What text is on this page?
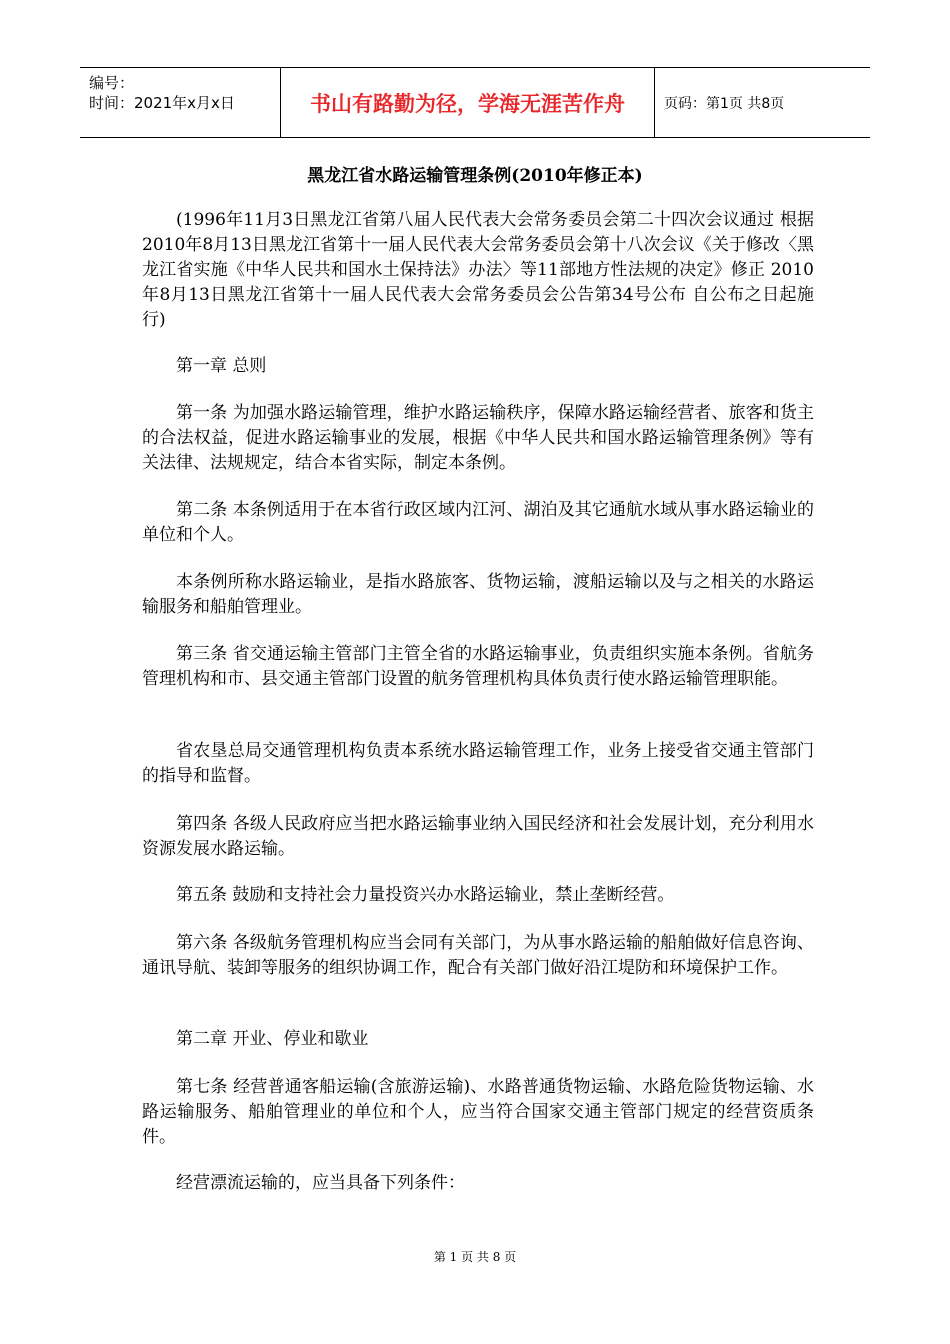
编号：
时间：2021年x月x日	书山有路勤为径，学海无涯苦作舟	页码：第1页 共8页
黑龙江省水路运输管理条例(2010年修正本)
(1996年11月3日黑龙江省第八届人民代表大会常务委员会第二十四次会议通过 根据2010年8月13日黑龙江省第十一届人民代表大会常务委员会第十八次会议《关于修改〈黑龙江省实施《中华人民共和国水土保持法》办法〉等11部地方性法规的决定》修正 2010年8月13日黑龙江省第十一届人民代表大会常务委员会公告第34号公布 自公布之日起施行)
第一章 总则
第一条 为加强水路运输管理，维护水路运输秩序，保障水路运输经营者、旅客和货主的合法权益，促进水路运输事业的发展，根据《中华人民共和国水路运输管理条例》等有关法律、法规规定，结合本省实际，制定本条例。
第二条 本条例适用于在本省行政区域内江河、湖泊及其它通航水域从事水路运输业的单位和个人。
本条例所称水路运输业，是指水路旅客、货物运输，渡船运输以及与之相关的水路运输服务和船舶管理业。
第三条 省交通运输主管部门主管全省的水路运输事业，负责组织实施本条例。省航务管理机构和市、县交通主管部门设置的航务管理机构具体负责行使水路运输管理职能。
省农垦总局交通管理机构负责本系统水路运输管理工作，业务上接受省交通主管部门的指导和监督。
第四条 各级人民政府应当把水路运输事业纳入国民经济和社会发展计划，充分利用水资源发展水路运输。
第五条 鼓励和支持社会力量投资兴办水路运输业，禁止垄断经营。
第六条 各级航务管理机构应当会同有关部门，为从事水路运输的船舶做好信息咨询、通讯导航、装卸等服务的组织协调工作，配合有关部门做好沿江堤防和环境保护工作。
第二章 开业、停业和歇业
第七条 经营普通客船运输(含旅游运输)、水路普通货物运输、水路危险货物运输、水路运输服务、船舶管理业的单位和个人，应当符合国家交通主管部门规定的经营资质条件。
经营漂流运输的，应当具备下列条件：
第 1 页 共 8 页
